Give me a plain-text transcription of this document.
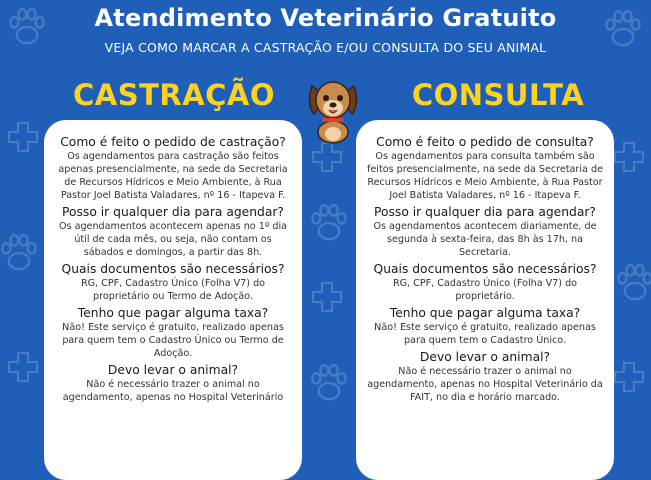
Atendimento Veterinário Gratuito
VEJA COMO MARCAR A CASTRAÇÃO E/OU CONSULTA DO SEU ANIMAL
CASTRAÇÃO	CONSULTA
Como é feito o pedido de castração?
Os agendamentos para castração são feitos apenas presencialmente, na sede da Secretaria de Recursos Hídricos e Meio Ambiente, à Rua Pastor Joel Batista Valadares, nº 16 - Itapeva F.
Posso ir qualquer dia para agendar?
Os agendamentos acontecem apenas no 1º dia útil de cada mês, ou seja, não contam os sábados e domingos, a partir das 8h.
Quais documentos são necessários?
RG, CPF, Cadastro Único (Folha V7) do proprietário ou Termo de Adoção.
Tenho que pagar alguma taxa?
Não! Este serviço é gratuito, realizado apenas para quem tem o Cadastro Único ou Termo de Adoção.
Devo levar o animal?
Não é necessário trazer o animal no agendamento, apenas no Hospital Veterinário
Como é feito o pedido de consulta?
Os agendamentos para consulta também são feitos presencialmente, na sede da Secretaria de Recursos Hídricos e Meio Ambiente, à Rua Pastor Joel Batista Valadares, nº 16 - Itapeva F.
Posso ir qualquer dia para agendar?
Os agendamentos acontecem diariamente, de segunda à sexta-feira, das 8h às 17h, na Secretaria.
Quais documentos são necessários?
RG, CPF, Cadastro Único (Folha V7) do proprietário.
Tenho que pagar alguma taxa?
Não! Este serviço é gratuito, realizado apenas para quem tem o Cadastro Único.
Devo levar o animal?
Não é necessário trazer o animal no agendamento, apenas no Hospital Veterinário da FAIT, no dia e horário marcado.
